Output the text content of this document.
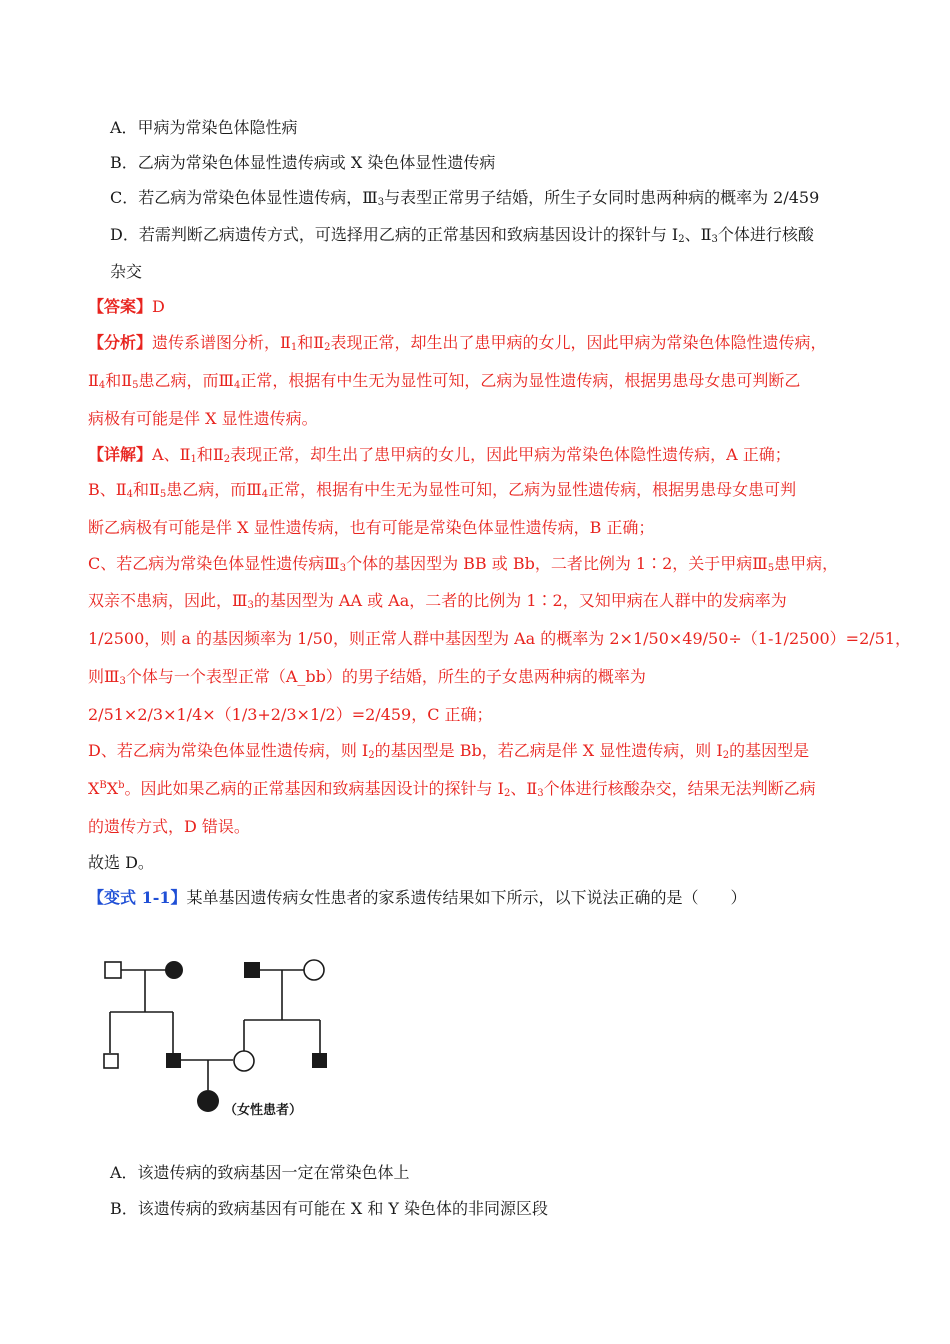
A．甲病为常染色体隐性病
B．乙病为常染色体显性遗传病或 X 染色体显性遗传病
C．若乙病为常染色体显性遗传病，$Ⅲ_3$与表型正常男子结婚，所生子女同时患两种病的概率为 2/459
D．若需判断乙病遗传方式，可选择用乙病的正常基因和致病基因设计的探针与 $I_2$、$Ⅱ_3$个体进行核酸
杂交
【答案】D
【分析】遗传系谱图分析，$Ⅱ_1$和$Ⅱ_2$表现正常，却生出了患甲病的女儿，因此甲病为常染色体隐性遗传病，
$Ⅱ_4$和$Ⅱ_5$患乙病，而$Ⅲ_4$正常，根据有中生无为显性可知，乙病为显性遗传病，根据男患母女患可判断乙
病极有可能是伴 X 显性遗传病。
【详解】A、$Ⅱ_1$和$Ⅱ_2$表现正常，却生出了患甲病的女儿，因此甲病为常染色体隐性遗传病，A 正确；
B、$Ⅱ_4$和$Ⅱ_5$患乙病，而$Ⅲ_4$正常，根据有中生无为显性可知，乙病为显性遗传病，根据男患母女患可判
断乙病极有可能是伴 X 显性遗传病，也有可能是常染色体显性遗传病，B 正确；
C、若乙病为常染色体显性遗传病$Ⅲ_3$个体的基因型为 BB 或 Bb，二者比例为 1∶2，关于甲病$Ⅲ_5$患甲病，
双亲不患病，因此，$Ⅲ_3$的基因型为 AA 或 Aa，二者的比例为 1∶2，又知甲病在人群中的发病率为
1/2500，则 a 的基因频率为 1/50，则正常人群中基因型为 Aa 的概率为 2×1/50×49/50÷（1-1/2500）=2/51，
则$Ⅲ_3$个体与一个表型正常（A_bb）的男子结婚，所生的子女患两种病的概率为
2/51×2/3×1/4×（1/3+2/3×1/2）=2/459，C 正确；
D、若乙病为常染色体显性遗传病，则 $I_2$的基因型是 Bb，若乙病是伴 X 显性遗传病，则 $I_2$的基因型是
$X^BX^b$。因此如果乙病的正常基因和致病基因设计的探针与 $I_2$、$Ⅱ_3$个体进行核酸杂交，结果无法判断乙病
的遗传方式，D 错误。
故选 D。
【变式 1-1】某单基因遗传病女性患者的家系遗传结果如下所示，以下说法正确的是（　　）
（女性患者）
A．该遗传病的致病基因一定在常染色体上
B．该遗传病的致病基因有可能在 X 和 Y 染色体的非同源区段
